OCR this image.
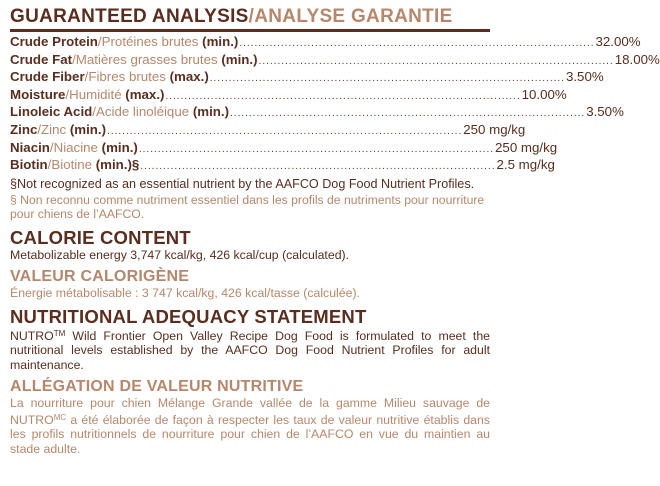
GUARANTEED ANALYSIS/ANALYSE GARANTIE
Crude Protein/Protéines brutes (min.) .............................................................................................. 32.00%
Crude Fat/Matières grasses brutes (min.) .............................................................................................. 18.00%
Crude Fiber/Fibres brutes (max.) .............................................................................................. 3.50%
Moisture/Humidité (max.) .............................................................................................. 10.00%
Linoleic Acid/Acide linoléique (min.) .............................................................................................. 3.50%
Zinc/Zinc (min.) .............................................................................................. 250 mg/kg
Niacin/Niacine (min.) .............................................................................................. 250 mg/kg
Biotin/Biotine (min.)§ .............................................................................................. 2.5 mg/kg
§Not recognized as an essential nutrient by the AAFCO Dog Food Nutrient Profiles.
§ Non reconnu comme nutriment essentiel dans les profils de nutriments pour nourriture pour chiens de l’AAFCO.
CALORIE CONTENT
Metabolizable energy 3,747 kcal/kg, 426 kcal/cup (calculated).
VALEUR CALORIGÈNE
Énergie métabolisable : 3 747 kcal/kg, 426 kcal/tasse (calculée).
NUTRITIONAL ADEQUACY STATEMENT
NUTRO™ Wild Frontier Open Valley Recipe Dog Food is formulated to meet the nutritional levels established by the AAFCO Dog Food Nutrient Profiles for adult maintenance.
ALLÉGATION DE VALEUR NUTRITIVE
La nourriture pour chien Mélange Grande vallée de la gamme Milieu sauvage de $NUTRO^{MC}$ a été élaborée de façon à respecter les taux de valeur nutritive établis dans les profils nutritionnels de nourriture pour chien de l’AAFCO en vue du maintien au stade adulte.
